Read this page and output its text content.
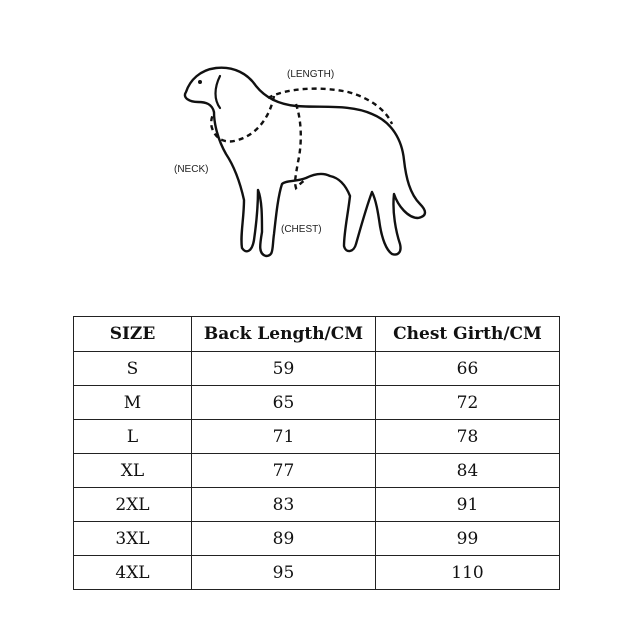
(LENGTH)
(NECK)
(CHEST)
SIZE	Back Length/CM	Chest Girth/CM
S	59	66
M	65	72
L	71	78
XL	77	84
2XL	83	91
3XL	89	99
4XL	95	110
